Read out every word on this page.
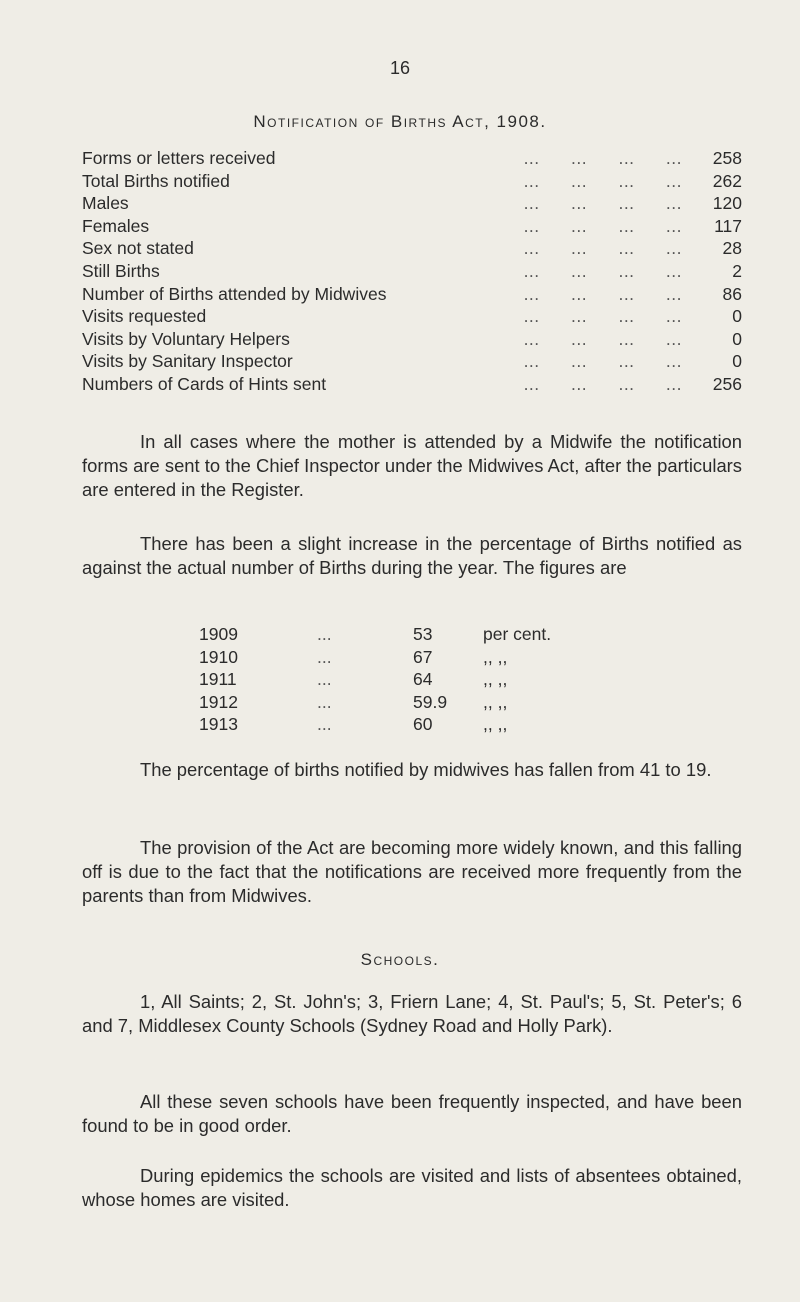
16
Notification of Births Act, 1908.
Forms or letters received	... ... ... ...	258
Total Births notified	... ... ... ...	262
Males	... ... ... ...	120
Females	... ... ... ...	117
Sex not stated	... ... ... ...	28
Still Births	... ... ... ...	2
Number of Births attended by Midwives	... ... ... ...	86
Visits requested	... ... ... ...	0
Visits by Voluntary Helpers	... ... ... ...	0
Visits by Sanitary Inspector	... ... ... ...	0
Numbers of Cards of Hints sent	... ... ... ...	256

In all cases where the mother is attended by a Midwife the notification forms are sent to the Chief Inspector under the Midwives Act, after the particulars are entered in the Register.

There has been a slight increase in the percentage of Births notified as against the actual number of Births during the year. The figures are

1909	...	53	per cent.
1910	...	67	,, ,,
1911	...	64	,, ,,
1912	...	59.9 ,, ,,
1913	...	60	,, ,,

The percentage of births notified by midwives has fallen from 41 to 19.

The provision of the Act are becoming more widely known, and this falling off is due to the fact that the notifications are received more frequently from the parents than from Midwives.

Schools.

1, All Saints; 2, St. John's; 3, Friern Lane; 4, St. Paul's; 5, St. Peter's; 6 and 7, Middlesex County Schools (Sydney Road and Holly Park).

All these seven schools have been frequently inspected, and have been found to be in good order.

During epidemics the schools are visited and lists of absentees obtained, whose homes are visited.
